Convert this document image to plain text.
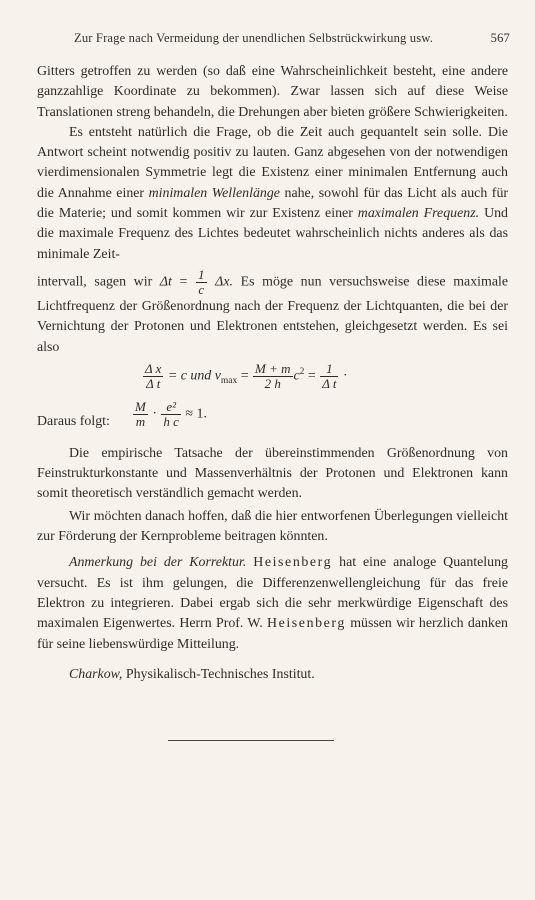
Zur Frage nach Vermeidung der unendlichen Selbstrückwirkung usw.	567

Gitters getroffen zu werden (so daß eine Wahrscheinlichkeit besteht, eine andere ganzzahlige Koordinate zu bekommen). Zwar lassen sich auf diese Weise Translationen streng behandeln, die Drehungen aber bieten größere Schwierigkeiten.

Es entsteht natürlich die Frage, ob die Zeit auch gequantelt sein solle. Die Antwort scheint notwendig positiv zu lauten. Ganz abgesehen von der notwendigen vierdimensionalen Symmetrie legt die Existenz einer minimalen Entfernung auch die Annahme einer minimalen Wellenlänge nahe, sowohl für das Licht als auch für die Materie; und somit kommen wir zur Existenz einer maximalen Frequenz. Und die maximale Frequenz des Lichtes bedeutet wahrscheinlich nichts anderes als das minimale Zeit-

intervall, sagen wir $\Delta t = \frac{1}{c} \Delta x$. Es möge nun versuchsweise diese maximale Lichtfrequenz der Größenordnung nach der Frequenz der Lichtquanten, die bei der Vernichtung der Protonen und Elektronen entstehen, gleichgesetzt werden. Es sei also

$\frac{\text{Δ x}}{\text{Δ t}} = c$ und $\nu_{max} = \frac{M + m}{2 h} c^2 = \frac{1}{\text{Δ t}}$ ·
Daraus folgt: $\frac{M}{m} \cdot \frac{\text{e²}}{\text{h c}} \approx 1$.

Die empirische Tatsache der übereinstimmenden Größenordnung von Feinstrukturkonstante und Massenverhältnis der Protonen und Elektronen kann somit theoretisch verständlich gemacht werden.

Wir möchten danach hoffen, daß die hier entworfenen Überlegungen vielleicht zur Förderung der Kernprobleme beitragen könnten.

Anmerkung bei der Korrektur. Heisenberg hat eine analoge Quantelung versucht. Es ist ihm gelungen, die Differenzenwellengleichung für das freie Elektron zu integrieren. Dabei ergab sich die sehr merkwürdige Eigenschaft des maximalen Eigenwertes. Herrn Prof. W. Heisenberg müssen wir herzlich danken für seine liebenswürdige Mitteilung.

Charkow, Physikalisch-Technisches Institut.
